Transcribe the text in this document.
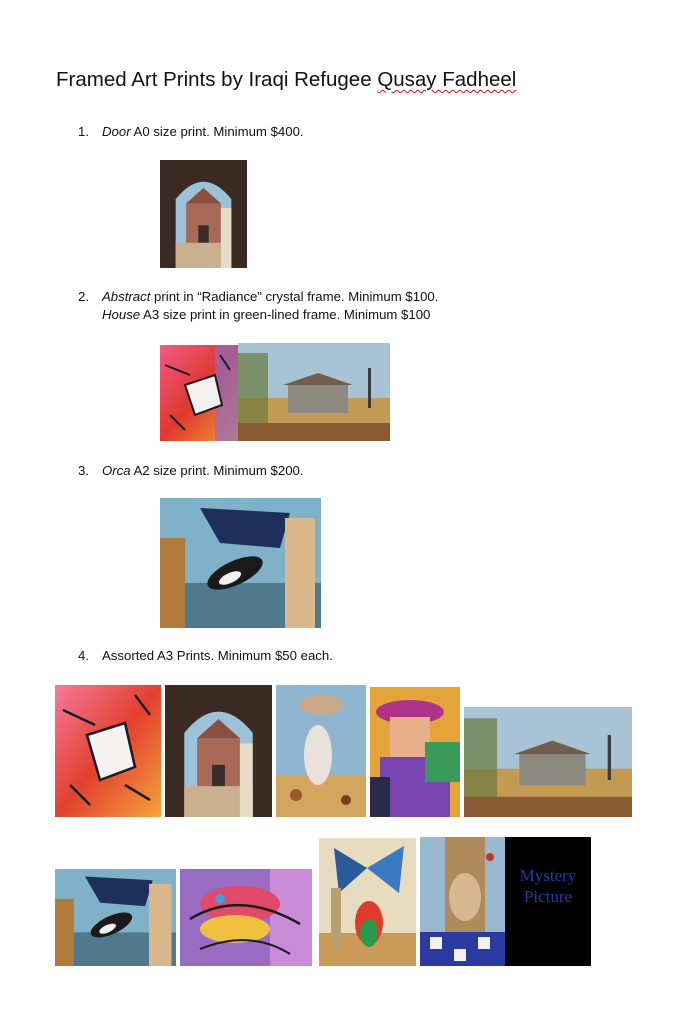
Framed Art Prints by Iraqi Refugee Qusay Fadheel
1. Door A0 size print. Minimum $400.
2. Abstract print in “Radiance” crystal frame. Minimum $100.
House A3 size print in green-lined frame. Minimum $100
3. Orca A2 size print. Minimum $200.
4. Assorted A3 Prints. Minimum $50 each.
Mystery
Picture
